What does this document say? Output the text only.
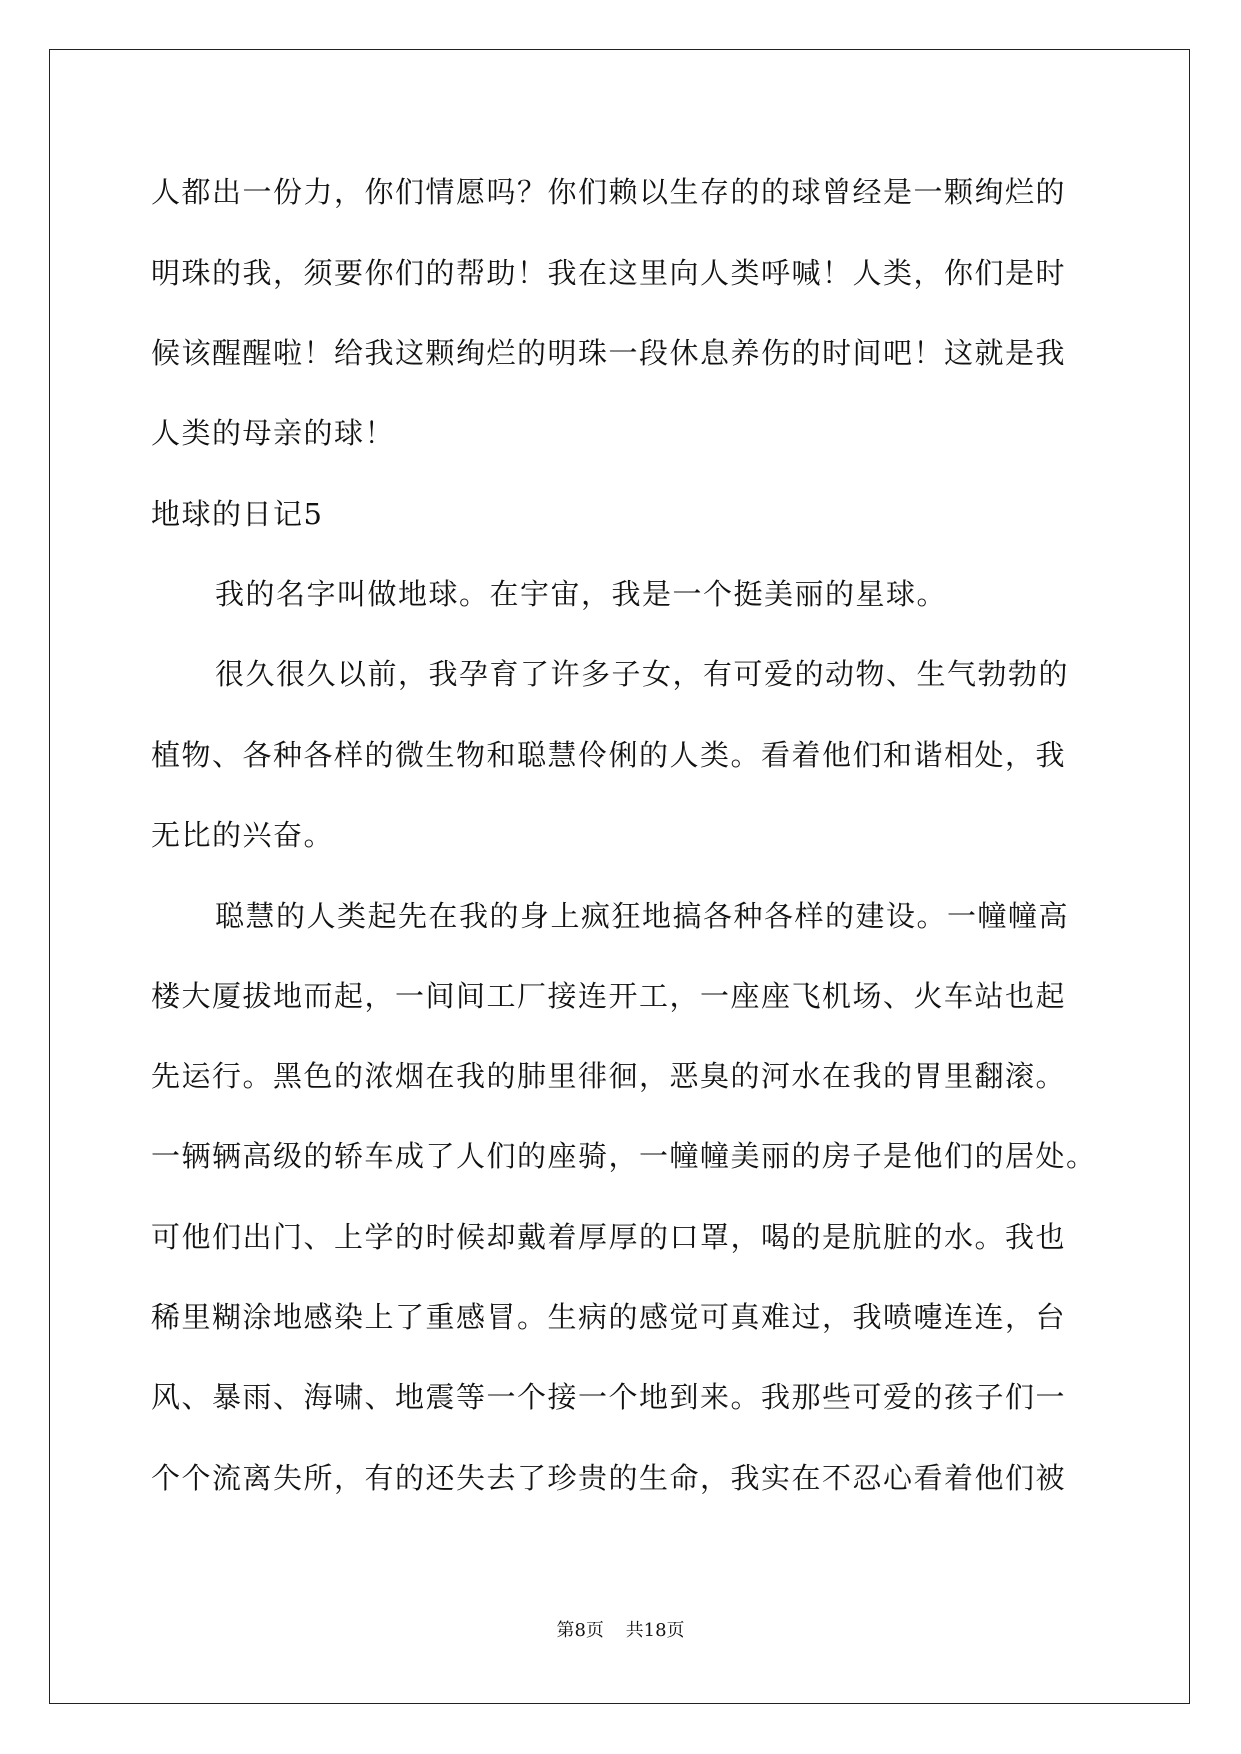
人都出一份力，你们情愿吗？你们赖以生存的的球曾经是一颗绚烂的
明珠的我，须要你们的帮助！我在这里向人类呼喊！人类，你们是时
候该醒醒啦！给我这颗绚烂的明珠一段休息养伤的时间吧！这就是我
人类的母亲的球！
地球的日记5
我的名字叫做地球。在宇宙，我是一个挺美丽的星球。
很久很久以前，我孕育了许多子女，有可爱的动物、生气勃勃的
植物、各种各样的微生物和聪慧伶俐的人类。看着他们和谐相处，我
无比的兴奋。
聪慧的人类起先在我的身上疯狂地搞各种各样的建设。一幢幢高
楼大厦拔地而起，一间间工厂接连开工，一座座飞机场、火车站也起
先运行。黑色的浓烟在我的肺里徘徊，恶臭的河水在我的胃里翻滚。
一辆辆高级的轿车成了人们的座骑，一幢幢美丽的房子是他们的居处。
可他们出门、上学的时候却戴着厚厚的口罩，喝的是肮脏的水。我也
稀里糊涂地感染上了重感冒。生病的感觉可真难过，我喷嚏连连，台
风、暴雨、海啸、地震等一个接一个地到来。我那些可爱的孩子们一
个个流离失所，有的还失去了珍贵的生命，我实在不忍心看着他们被
第8页 共18页
